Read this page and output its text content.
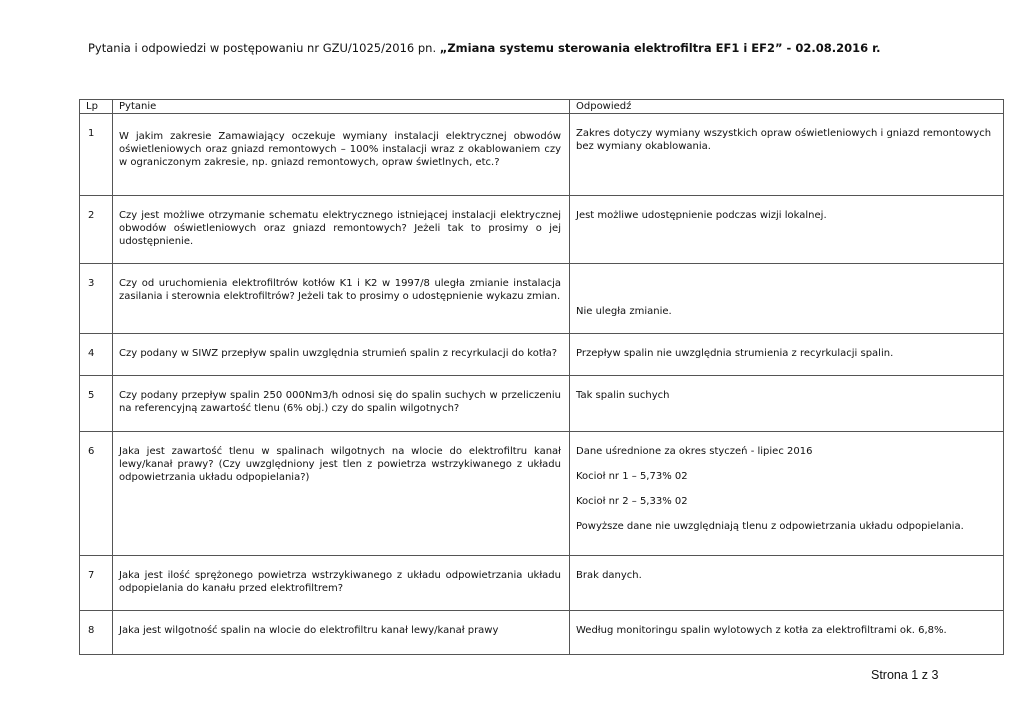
Pytania i odpowiedzi w postępowaniu nr GZU/1025/2016 pn. „Zmiana systemu sterowania elektrofiltra EF1 i EF2” - 02.08.2016 r.
Lp	Pytanie	Odpowiedź
1	W jakim zakresie Zamawiający oczekuje wymiany instalacji elektrycznej obwodów oświetleniowych oraz gniazd remontowych – 100% instalacji wraz z okablowaniem czy w ograniczonym zakresie, np. gniazd remontowych, opraw świetlnych, etc.?	Zakres dotyczy wymiany wszystkich opraw oświetleniowych i gniazd remontowych bez wymiany okablowania.

2	Czy jest możliwe otrzymanie schematu elektrycznego istniejącej instalacji elektrycznej obwodów oświetleniowych oraz gniazd remontowych? Jeżeli tak to prosimy o jej udostępnienie.	Jest możliwe udostępnienie podczas wizji lokalnej.

3	Czy od uruchomienia elektrofiltrów kotłów K1 i K2 w 1997/8 uległa zmianie instalacja zasilania i sterownia elektrofiltrów? Jeżeli tak to prosimy o udostępnienie wykazu zmian.	Nie uległa zmianie.
4	Czy podany w SIWZ przepływ spalin uwzględnia strumień spalin z recyrkulacji do kotła?	Przepływ spalin nie uwzględnia strumienia z recyrkulacji spalin.

5	Czy podany przepływ spalin 250 000Nm3/h odnosi się do spalin suchych w przeliczeniu na referencyjną zawartość tlenu (6% obj.) czy do spalin wilgotnych?	Tak spalin suchych

6	Jaka jest zawartość tlenu w spalinach wilgotnych na wlocie do elektrofiltru kanał lewy/kanał prawy? (Czy uwzględniony jest tlen z powietrza wstrzykiwanego z układu odpowietrzania układu odpopielania?)	Dane uśrednione za okres styczeń - lipiec 2016

Kocioł nr 1 – 5,73% 02

Kocioł nr 2 – 5,33% 02

Powyższe dane nie uwzględniają tlenu z odpowietrzania układu odpopielania.

7	Jaka jest ilość sprężonego powietrza wstrzykiwanego z układu odpowietrzania układu odpopielania do kanału przed elektrofiltrem?	Brak danych.

8	Jaka jest wilgotność spalin na wlocie do elektrofiltru kanał lewy/kanał prawy	Według monitoringu spalin wylotowych z kotła za elektrofiltrami ok. 6,8%.

Strona 1 z 3
